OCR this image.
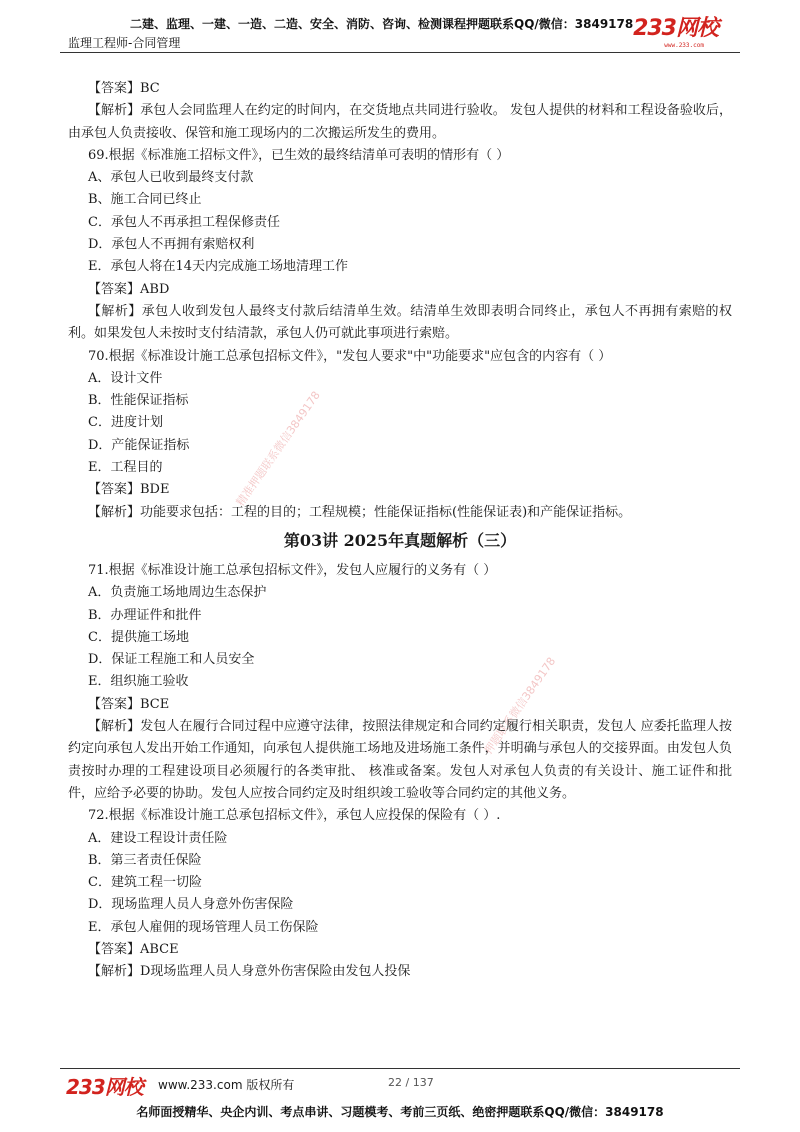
二建、监理、一建、一造、二造、安全、消防、咨询、检测课程押题联系QQ/微信：3849178
监理工程师-合同管理
233网校
www.233.com
精准押题联系微信3849178
押题联系微信3849178

【答案】BC

【解析】承包人会同监理人在约定的时间内，在交货地点共同进行验收。 发包人提供的材料和工程设备验收后，由承包人负责接收、保管和施工现场内的二次搬运所发生的费用。

69.根据《标准施工招标文件》，已生效的最终结清单可表明的情形有（ ）

A、承包人已收到最终支付款

B、施工合同已终止

C．承包人不再承担工程保修责任

D．承包人不再拥有索赔权利

E．承包人将在14天内完成施工场地清理工作

【答案】ABD

【解析】承包人收到发包人最终支付款后结清单生效。结清单生效即表明合同终止，承包人不再拥有索赔的权利。如果发包人未按时支付结清款，承包人仍可就此事项进行索赔。

70.根据《标准设计施工总承包招标文件》，"发包人要求"中"功能要求"应包含的内容有（ ）

A．设计文件

B．性能保证指标

C．进度计划

D．产能保证指标

E．工程目的

【答案】BDE

【解析】功能要求包括：工程的目的；工程规模；性能保证指标(性能保证表)和产能保证指标。

第03讲 2025年真题解析（三）

71.根据《标准设计施工总承包招标文件》，发包人应履行的义务有（ ）

A．负责施工场地周边生态保护

B．办理证件和批件

C．提供施工场地

D．保证工程施工和人员安全

E．组织施工验收

【答案】BCE

【解析】发包人在履行合同过程中应遵守法律，按照法律规定和合同约定履行相关职责，发包人 应委托监理人按约定向承包人发出开始工作通知，向承包人提供施工场地及进场施工条件，并明确与承包人的交接界面。由发包人负责按时办理的工程建设项目必须履行的各类审批、 核准或备案。发包人对承包人负责的有关设计、施工证件和批件，应给予必要的协助。发包人应按合同约定及时组织竣工验收等合同约定的其他义务。

72.根据《标准设计施工总承包招标文件》，承包人应投保的保险有（ ）.

A．建设工程设计责任险

B．第三者责任保险

C．建筑工程一切险

D．现场监理人员人身意外伤害保险

E．承包人雇佣的现场管理人员工伤保险

【答案】ABCE

【解析】D现场监理人员人身意外伤害保险由发包人投保

233网校 www.233.com 版权所有	22 / 137
名师面授精华、央企内训、考点串讲、习题模考、考前三页纸、绝密押题联系QQ/微信：3849178
